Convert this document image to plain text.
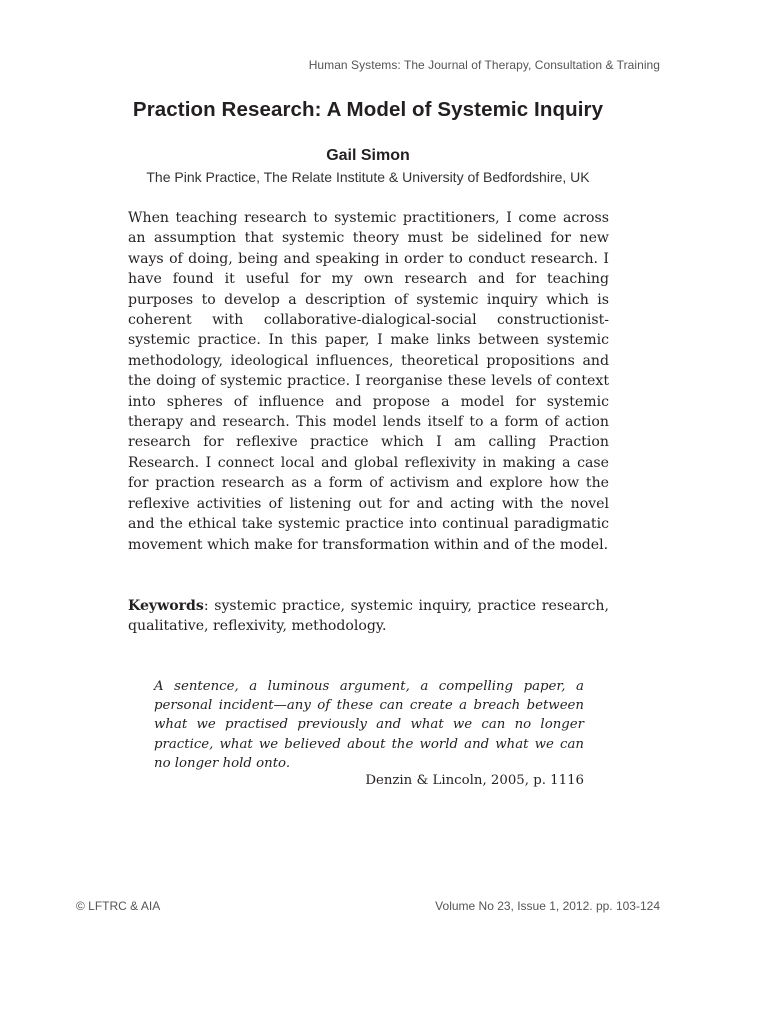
Human Systems: The Journal of Therapy, Consultation & Training
Praction Research: A Model of Systemic Inquiry
Gail Simon
The Pink Practice, The Relate Institute & University of Bedfordshire, UK

When teaching research to systemic practitioners, I come across an assumption that systemic theory must be sidelined for new ways of doing, being and speaking in order to conduct research. I have found it useful for my own research and for teaching purposes to develop a description of systemic inquiry which is coherent with collaborative-dialogical-social constructionist-systemic practice. In this paper, I make links between systemic methodology, ideological influences, theoretical propositions and the doing of systemic practice. I reorganise these levels of context into spheres of influence and propose a model for systemic therapy and research. This model lends itself to a form of action research for reflexive practice which I am calling Praction Research. I connect local and global reflexivity in making a case for praction research as a form of activism and explore how the reflexive activities of listening out for and acting with the novel and the ethical take systemic practice into continual paradigmatic movement which make for transformation within and of the model.

Keywords: systemic practice, systemic inquiry, practice research, qualitative, reflexivity, methodology.

A sentence, a luminous argument, a compelling paper, a personal incident—any of these can create a breach between what we practised previously and what we can no longer practice, what we believed about the world and what we can no longer hold onto.

Denzin & Lincoln, 2005, p. 1116
© LFTRC & AIA	Volume No 23, Issue 1, 2012. pp. 103-124
